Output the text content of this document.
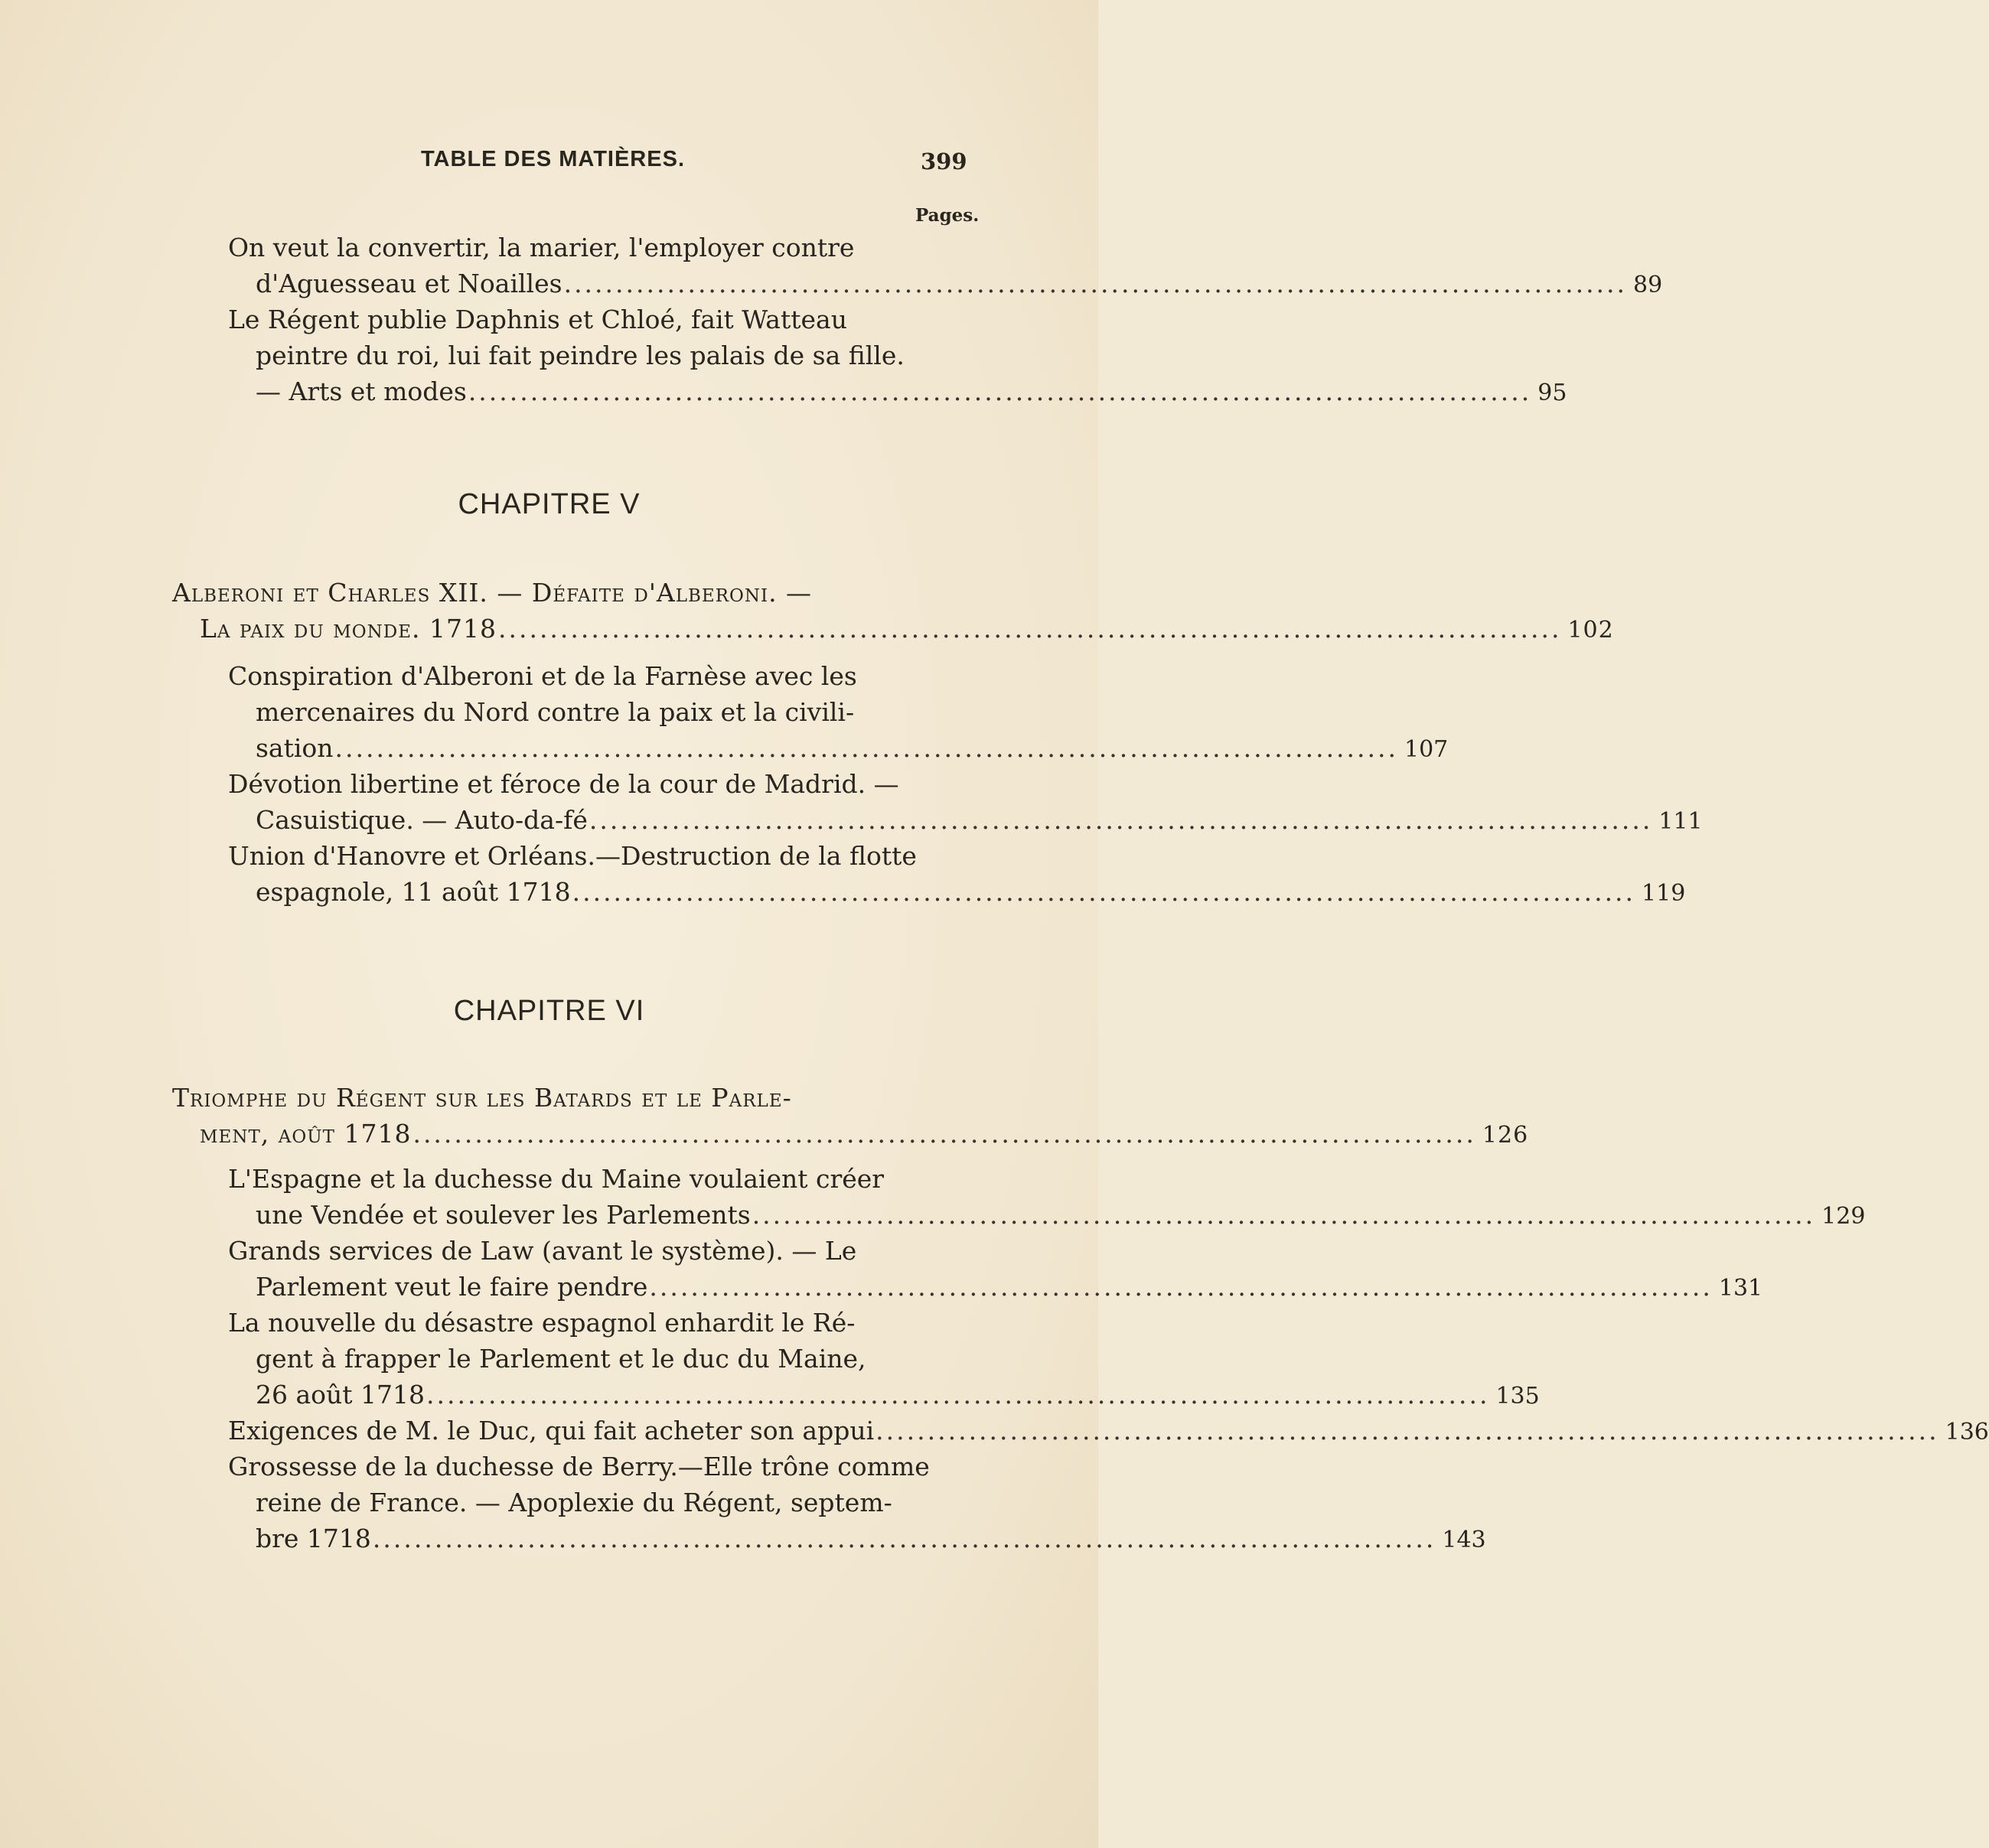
TABLE DES MATIÈRES.	399
Pages.
On veut la convertir, la marier, l'employer contre
d'Aguesseau et Noailles ....................................................................................................... 89
Le Régent publie Daphnis et Chloé, fait Watteau
peintre du roi, lui fait peindre les palais de sa fille.
— Arts et modes ....................................................................................................... 95
CHAPITRE V
Alberoni et Charles XII. — Défaite d'Alberoni. —
La paix du monde. 1718 ....................................................................................................... 102
Conspiration d'Alberoni et de la Farnèse avec les
mercenaires du Nord contre la paix et la civili-
sation ....................................................................................................... 107
Dévotion libertine et féroce de la cour de Madrid. —
Casuistique. — Auto-da-fé ....................................................................................................... 111
Union d'Hanovre et Orléans.—Destruction de la flotte
espagnole, 11 août 1718 ....................................................................................................... 119
CHAPITRE VI
Triomphe du Régent sur les Batards et le Parle-
ment, août 1718 ....................................................................................................... 126
L'Espagne et la duchesse du Maine voulaient créer
une Vendée et soulever les Parlements ....................................................................................................... 129
Grands services de Law (avant le système). — Le
Parlement veut le faire pendre ....................................................................................................... 131
La nouvelle du désastre espagnol enhardit le Ré-
gent à frapper le Parlement et le duc du Maine,
26 août 1718 ....................................................................................................... 135
Exigences de M. le Duc, qui fait acheter son appui ....................................................................................................... 136
Grossesse de la duchesse de Berry.—Elle trône comme
reine de France. — Apoplexie du Régent, septem-
bre 1718 ....................................................................................................... 143
